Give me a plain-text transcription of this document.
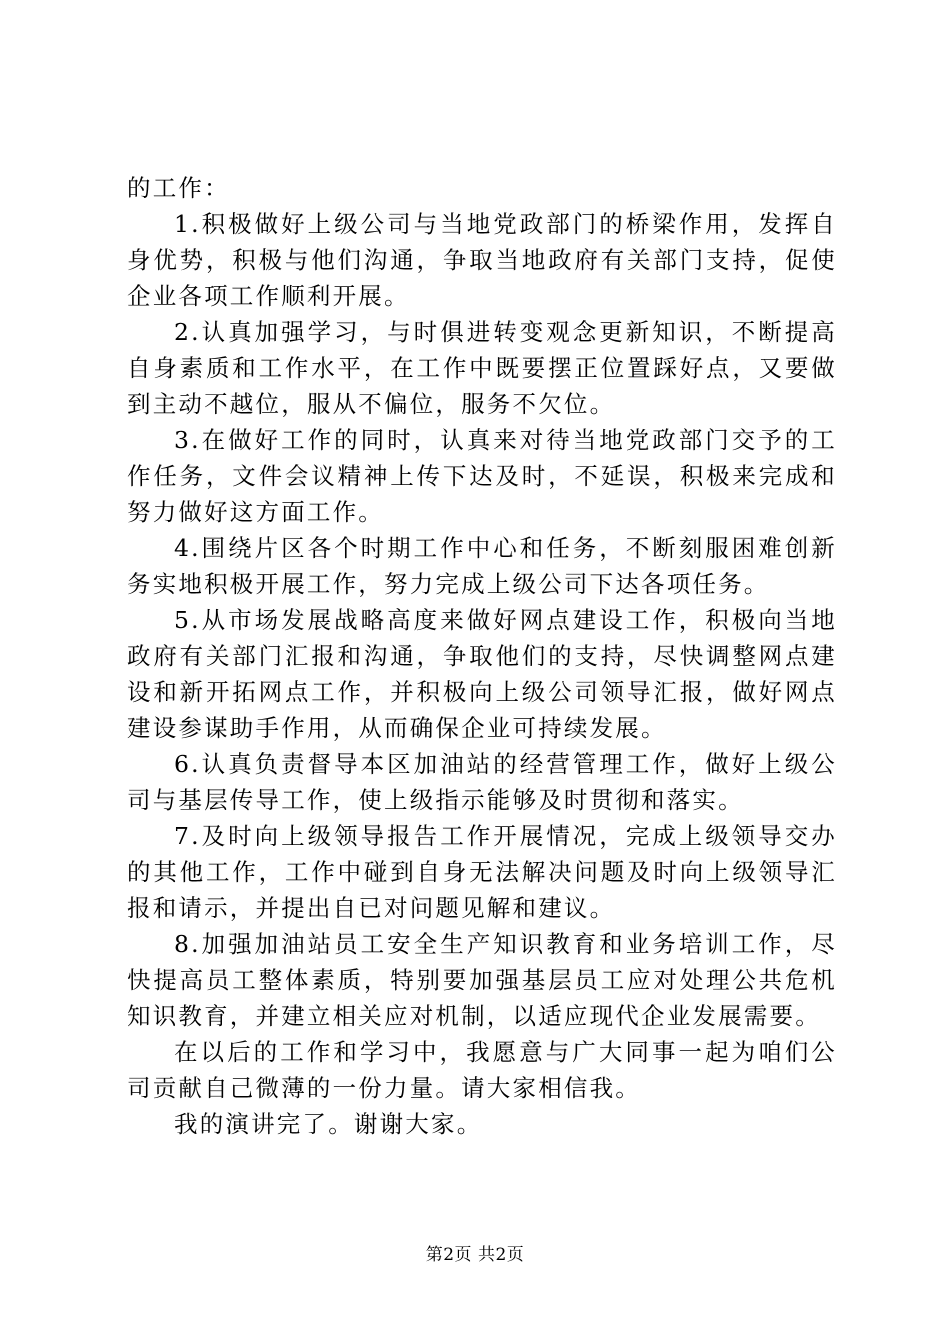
的工作：

1.积极做好上级公司与当地党政部门的桥梁作用，发挥自身优势，积极与他们沟通，争取当地政府有关部门支持，促使企业各项工作顺利开展。

2.认真加强学习，与时俱进转变观念更新知识，不断提高自身素质和工作水平，在工作中既要摆正位置踩好点，又要做到主动不越位，服从不偏位，服务不欠位。

3.在做好工作的同时，认真来对待当地党政部门交予的工作任务，文件会议精神上传下达及时，不延误，积极来完成和努力做好这方面工作。

4.围绕片区各个时期工作中心和任务，不断刻服困难创新务实地积极开展工作，努力完成上级公司下达各项任务。

5.从市场发展战略高度来做好网点建设工作，积极向当地政府有关部门汇报和沟通，争取他们的支持，尽快调整网点建设和新开拓网点工作，并积极向上级公司领导汇报，做好网点建设参谋助手作用，从而确保企业可持续发展。

6.认真负责督导本区加油站的经营管理工作，做好上级公司与基层传导工作，使上级指示能够及时贯彻和落实。

7.及时向上级领导报告工作开展情况，完成上级领导交办的其他工作，工作中碰到自身无法解决问题及时向上级领导汇报和请示，并提出自已对问题见解和建议。

8.加强加油站员工安全生产知识教育和业务培训工作，尽快提高员工整体素质，特别要加强基层员工应对处理公共危机知识教育，并建立相关应对机制，以适应现代企业发展需要。

在以后的工作和学习中，我愿意与广大同事一起为咱们公司贡献自己微薄的一份力量。请大家相信我。

我的演讲完了。谢谢大家。

第2页 共2页
